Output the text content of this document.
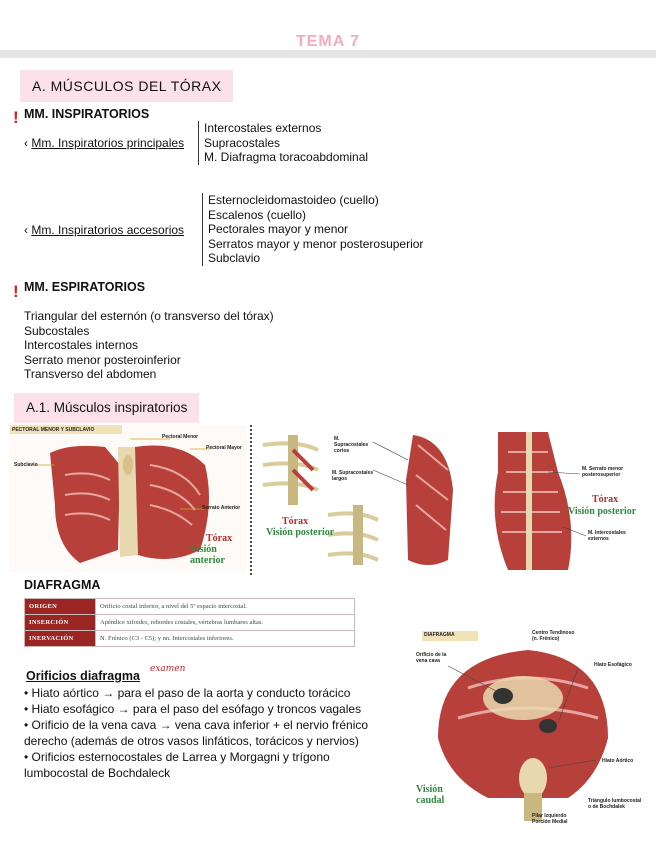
TEMA 7
A. MÚSCULOS DEL TÓRAX
! MM. INSPIRATORIOS
‹ Mm. Inspiratorios principales
Intercostales externos
Supracostales
M. Diafragma toracoabdominal
‹ Mm. Inspiratorios accesorios
Esternocleidomastoideo (cuello)
Escalenos (cuello)
Pectorales mayor y menor
Serratos mayor y menor posterosuperior
Subclavio
! MM. ESPIRATORIOS
Triangular del esternón (o transverso del tórax)
Subcostales
Intercostales internos
Serrato menor posteroinferior
Transverso del abdomen
A.1. Músculos inspiratorios
PECTORAL MENOR Y SUBCLAVIO
Pectoral Menor
Pectoral Mayor
Subclavio
Serrato Anterior
Tórax
Visión anterior
M. Supracostales cortos
M. Supracostales largos
Tórax
Visión posterior
M. Serrato menor posterosuperior
M. Intercostales externos
Tórax
Visión posterior
DIAFRAGMA
ORIGEN	Orificio costal inferior, a nivel del 5º espacio intercostal.
INSERCIÓN	Apéndice xifoides, rebordes costales, vértebras lumbares altas.
INERVACIÓN	N. Frénico (C3 - C5); y nn. Intercostales inferiores.
Orificios diafragma examen
• Hiato aórtico → para el paso de la aorta y conducto torácico
• Hiato esofágico → para el paso del esófago y troncos vagales
• Orificio de la vena cava → vena cava inferior + el nervio frénico derecho (además de otros vasos linfáticos, torácicos y nervios)
• Orificios esternocostales de Larrea y Morgagni y trígono lumbocostal de Bochdaleck
DIAFRAGMA	Centro Tendinoso (n. Frénico)
Orificio de la vena cava
Hiato Esofágico
Hiato Aórtico
Pilar Izquierdo Porción Medial
Triángulo lumbocostal o de Bochdalek
Visión
caudal
